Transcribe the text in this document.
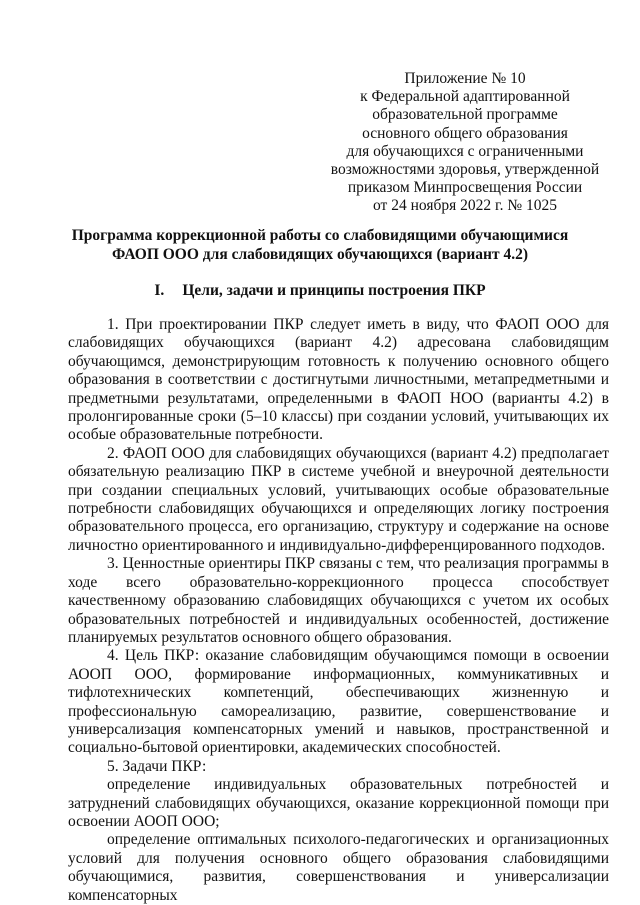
Приложение № 10
к Федеральной адаптированной
образовательной программе
основного общего образования
для обучающихся с ограниченными
возможностями здоровья, утвержденной
приказом Минпросвещения России
от 24 ноября 2022 г. № 1025
Программа коррекционной работы со слабовидящими обучающимися
ФАОП ООО для слабовидящих обучающихся (вариант 4.2)
I. Цели, задачи и принципы построения ПКР

1. При проектировании ПКР следует иметь в виду, что ФАОП ООО для слабовидящих обучающихся (вариант 4.2) адресована слабовидящим обучающимся, демонстрирующим готовность к получению основного общего образования в соответствии с достигнутыми личностными, метапредметными и предметными результатами, определенными в ФАОП НОО (варианты 4.2) в пролонгированные сроки (5–10 классы) при создании условий, учитывающих их особые образовательные потребности.

2. ФАОП ООО для слабовидящих обучающихся (вариант 4.2) предполагает обязательную реализацию ПКР в системе учебной и внеурочной деятельности при создании специальных условий, учитывающих особые образовательные потребности слабовидящих обучающихся и определяющих логику построения образовательного процесса, его организацию, структуру и содержание на основе личностно ориентированного и индивидуально-дифференцированного подходов.

3. Ценностные ориентиры ПКР связаны с тем, что реализация программы в ходе всего образовательно-коррекционного процесса способствует качественному образованию слабовидящих обучающихся с учетом их особых образовательных потребностей и индивидуальных особенностей, достижение планируемых результатов основного общего образования.

4. Цель ПКР: оказание слабовидящим обучающимся помощи в освоении АООП ООО, формирование информационных, коммуникативных и тифлотехнических компетенций, обеспечивающих жизненную и профессиональную самореализацию, развитие, совершенствование и универсализация компенсаторных умений и навыков, пространственной и социально-бытовой ориентировки, академических способностей.

5. Задачи ПКР:

определение индивидуальных образовательных потребностей и затруднений слабовидящих обучающихся, оказание коррекционной помощи при освоении АООП ООО;

определение оптимальных психолого-педагогических и организационных условий для получения основного общего образования слабовидящими обучающимися, развития, совершенствования и универсализации компенсаторных
